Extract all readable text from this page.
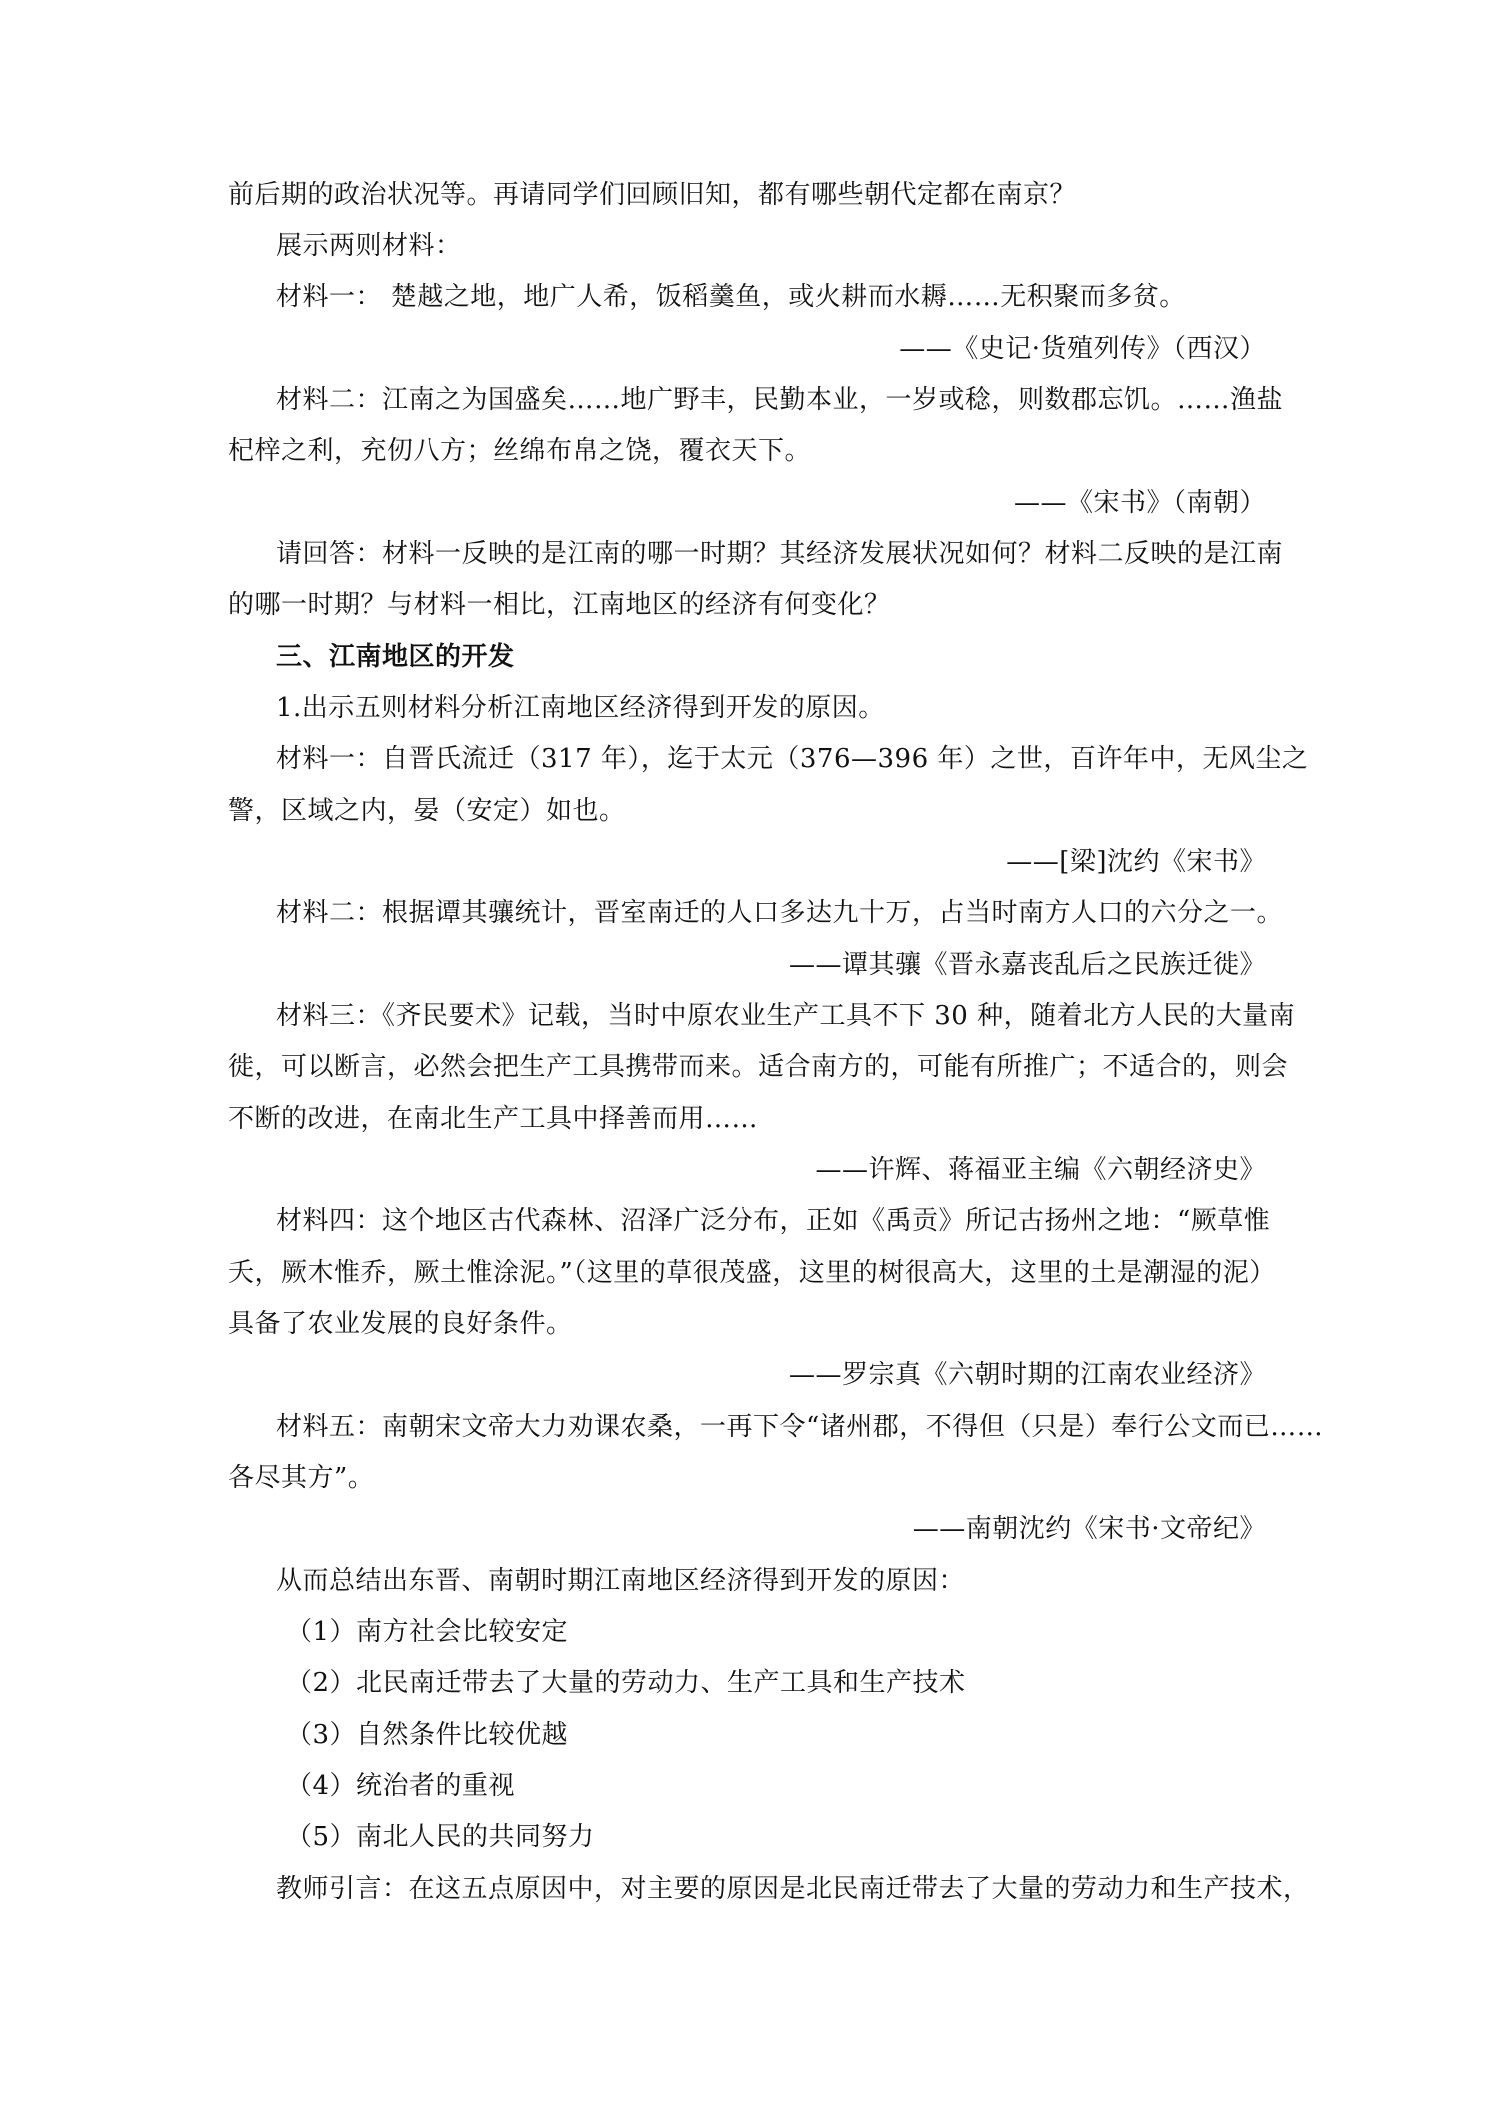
前后期的政治状况等。再请同学们回顾旧知，都有哪些朝代定都在南京？
展示两则材料：
材料一： 楚越之地，地广人希，饭稻羹鱼，或火耕而水耨……无积聚而多贫。
——《史记·货殖列传》（西汉）
材料二：江南之为国盛矣……地广野丰，民勤本业，一岁或稔，则数郡忘饥。……渔盐
杞梓之利，充仞八方；丝绵布帛之饶，覆衣天下。
——《宋书》（南朝）
请回答：材料一反映的是江南的哪一时期？其经济发展状况如何？材料二反映的是江南
的哪一时期？与材料一相比，江南地区的经济有何变化？
三、江南地区的开发
1.出示五则材料分析江南地区经济得到开发的原因。
材料一：自晋氏流迁（317 年），迄于太元（376—396 年）之世，百许年中，无风尘之
警，区域之内，晏（安定）如也。
——[梁]沈约《宋书》
材料二：根据谭其骧统计，晋室南迁的人口多达九十万，占当时南方人口的六分之一。
——谭其骧《晋永嘉丧乱后之民族迁徙》
材料三：《齐民要术》记载，当时中原农业生产工具不下 30 种，随着北方人民的大量南
徙，可以断言，必然会把生产工具携带而来。适合南方的，可能有所推广；不适合的，则会
不断的改进，在南北生产工具中择善而用……
——许辉、蒋福亚主编《六朝经济史》
材料四：这个地区古代森林、沼泽广泛分布，正如《禹贡》所记古扬州之地：“厥草惟
夭，厥木惟乔，厥土惟涂泥。”（这里的草很茂盛，这里的树很高大，这里的土是潮湿的泥）
具备了农业发展的良好条件。
——罗宗真《六朝时期的江南农业经济》
材料五：南朝宋文帝大力劝课农桑，一再下令“诸州郡，不得但（只是）奉行公文而已……
各尽其方”。
——南朝沈约《宋书·文帝纪》
从而总结出东晋、南朝时期江南地区经济得到开发的原因：
（1）南方社会比较安定
（2）北民南迁带去了大量的劳动力、生产工具和生产技术
（3）自然条件比较优越
（4）统治者的重视
（5）南北人民的共同努力
教师引言：在这五点原因中，对主要的原因是北民南迁带去了大量的劳动力和生产技术，
